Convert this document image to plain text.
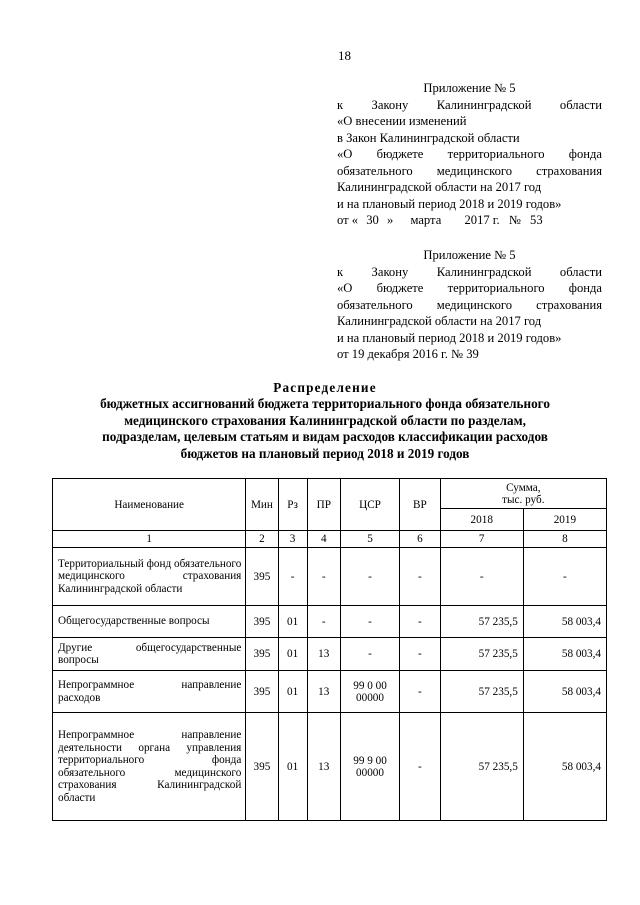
18
Приложение № 5
к Закону Калининградской области
«О внесении изменений
в Закон Калининградской области
«О бюджете территориального фонда
обязательного медицинского страхования
Калининградской области на 2017 год
и на плановый период 2018 и 2019 годов»
от « 30 » марта 2017 г. № 53
Приложение № 5
к Закону Калининградской области
«О бюджете территориального фонда
обязательного медицинского страхования
Калининградской области на 2017 год
и на плановый период 2018 и 2019 годов»
от 19 декабря 2016 г. № 39
Распределение
бюджетных ассигнований бюджета территориального фонда обязательного
медицинского страхования Калининградской области по разделам,
подразделам, целевым статьям и видам расходов классификации расходов
бюджетов на плановый период 2018 и 2019 годов
Наименование	Мин	Рз	ПР	ЦСР	ВР	Сумма,
тыс. руб.	

						2018	2019
1	2	3	4	5	6	7	8
Территориальный фонд обязательного медицинского страхования Калининградской области	395	-	-	-	-	-	-
Общегосударственные вопросы	395	01	-	-	-	57 235,5	58 003,4
Другие общегосударственные вопросы	395	01	13	-	-	57 235,5	58 003,4
Непрограммное направление расходов	395	01	13	99 0 00 00000	-	57 235,5	58 003,4
Непрограммное направление деятельности органа управления территориального фонда обязательного медицинского страхования Калининградской области	395	01	13	99 9 00 00000	-	57 235,5	58 003,4
